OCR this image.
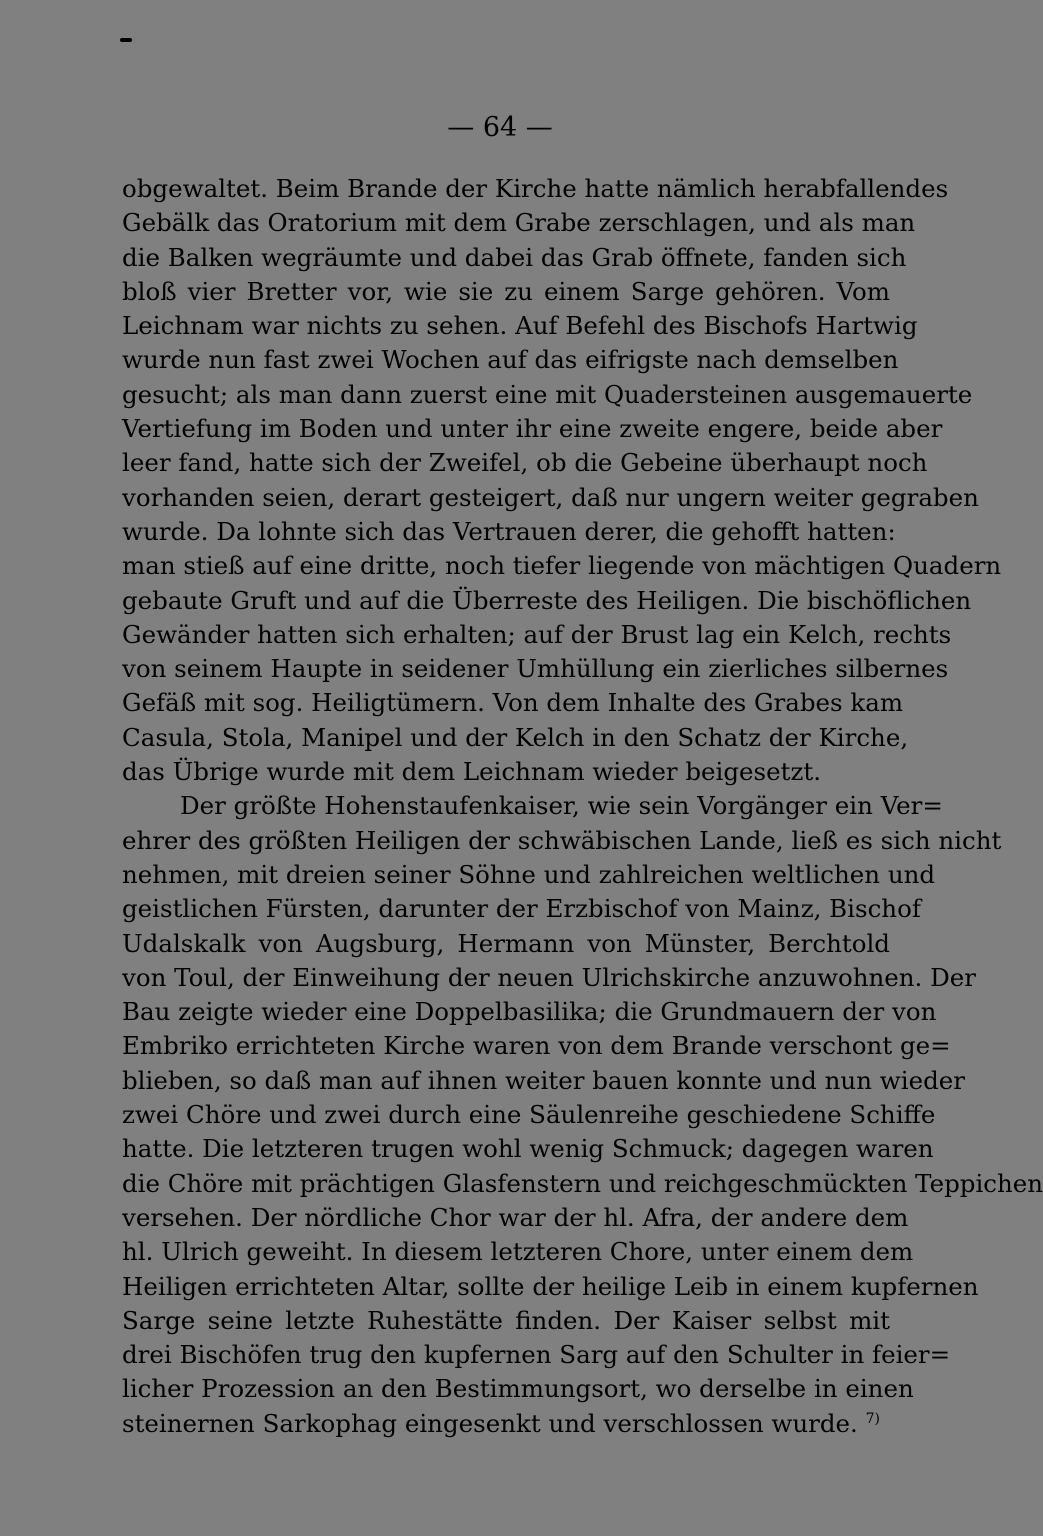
— 64 —
obgewaltet. Beim Brande der Kirche hatte nämlich herabfallendes
Gebälk das Oratorium mit dem Grabe zerschlagen, und als man
die Balken wegräumte und dabei das Grab öffnete, fanden sich
bloß vier Bretter vor, wie sie zu einem Sarge gehören. Vom
Leichnam war nichts zu sehen. Auf Befehl des Bischofs Hartwig
wurde nun fast zwei Wochen auf das eifrigste nach demselben
gesucht; als man dann zuerst eine mit Quadersteinen ausgemauerte
Vertiefung im Boden und unter ihr eine zweite engere, beide aber
leer fand, hatte sich der Zweifel, ob die Gebeine überhaupt noch
vorhanden seien, derart gesteigert, daß nur ungern weiter gegraben
wurde. Da lohnte sich das Vertrauen derer, die gehofft hatten:
man stieß auf eine dritte, noch tiefer liegende von mächtigen Quadern
gebaute Gruft und auf die Überreste des Heiligen. Die bischöflichen
Gewänder hatten sich erhalten; auf der Brust lag ein Kelch, rechts
von seinem Haupte in seidener Umhüllung ein zierliches silbernes
Gefäß mit sog. Heiligtümern. Von dem Inhalte des Grabes kam
Casula, Stola, Manipel und der Kelch in den Schatz der Kirche,
das Übrige wurde mit dem Leichnam wieder beigesetzt.
Der größte Hohenstaufenkaiser, wie sein Vorgänger ein Ver=
ehrer des größten Heiligen der schwäbischen Lande, ließ es sich nicht
nehmen, mit dreien seiner Söhne und zahlreichen weltlichen und
geistlichen Fürsten, darunter der Erzbischof von Mainz, Bischof
Udalskalk von Augsburg, Hermann von Münster, Berchtold
von Toul, der Einweihung der neuen Ulrichskirche anzuwohnen. Der
Bau zeigte wieder eine Doppelbasilika; die Grundmauern der von
Embriko errichteten Kirche waren von dem Brande verschont ge=
blieben, so daß man auf ihnen weiter bauen konnte und nun wieder
zwei Chöre und zwei durch eine Säulenreihe geschiedene Schiffe
hatte. Die letzteren trugen wohl wenig Schmuck; dagegen waren
die Chöre mit prächtigen Glasfenstern und reichgeschmückten Teppichen
versehen. Der nördliche Chor war der hl. Afra, der andere dem
hl. Ulrich geweiht. In diesem letzteren Chore, unter einem dem
Heiligen errichteten Altar, sollte der heilige Leib in einem kupfernen
Sarge seine letzte Ruhestätte finden. Der Kaiser selbst mit
drei Bischöfen trug den kupfernen Sarg auf den Schulter in feier=
licher Prozession an den Bestimmungsort, wo derselbe in einen
steinernen Sarkophag eingesenkt und verschlossen wurde. $^{7)}$
